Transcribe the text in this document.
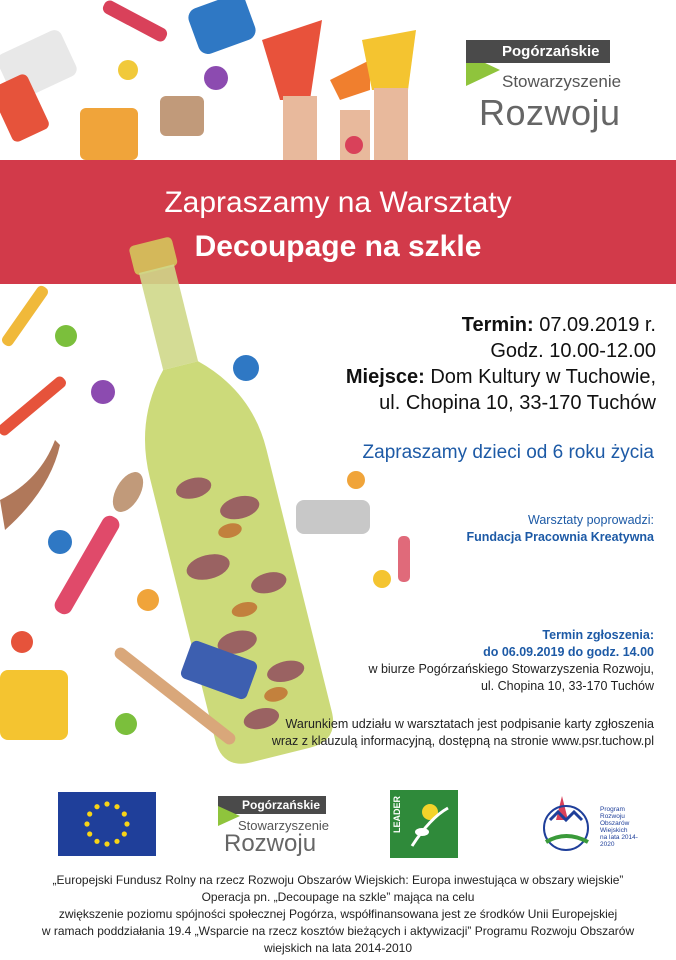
Pogórzańskie
Stowarzyszenie
Rozwoju
Zapraszamy na Warsztaty
Decoupage na szkle
Termin: 07.09.2019 r.
Godz. 10.00-12.00
Miejsce: Dom Kultury w Tuchowie,
ul. Chopina 10, 33-170 Tuchów
Zapraszamy dzieci od 6 roku życia
Warsztaty poprowadzi:
Fundacja Pracownia Kreatywna
Termin zgłoszenia:
do 06.09.2019 do godz. 14.00
w biurze Pogórzańskiego Stowarzyszenia Rozwoju,
ul. Chopina 10, 33-170 Tuchów
Warunkiem udziału w warsztatach jest podpisanie karty zgłoszenia
wraz z klauzulą informacyjną, dostępną na stronie www.psr.tuchow.pl
Pogórzańskie
Stowarzyszenie
Rozwoju
LEADER	Program
Rozwoju
Obszarów
Wiejskich
na lata 2014-2020
„Europejski Fundusz Rolny na rzecz Rozwoju Obszarów Wiejskich: Europa inwestująca w obszary wiejskie”
Operacja pn. „Decoupage na szkle” mająca na celu
zwiększenie poziomu spójności społecznej Pogórza, współfinansowana jest ze środków Unii Europejskiej
w ramach poddziałania 19.4 „Wsparcie na rzecz kosztów bieżących i aktywizacji” Programu Rozwoju Obszarów
wiejskich na lata 2014-2010
